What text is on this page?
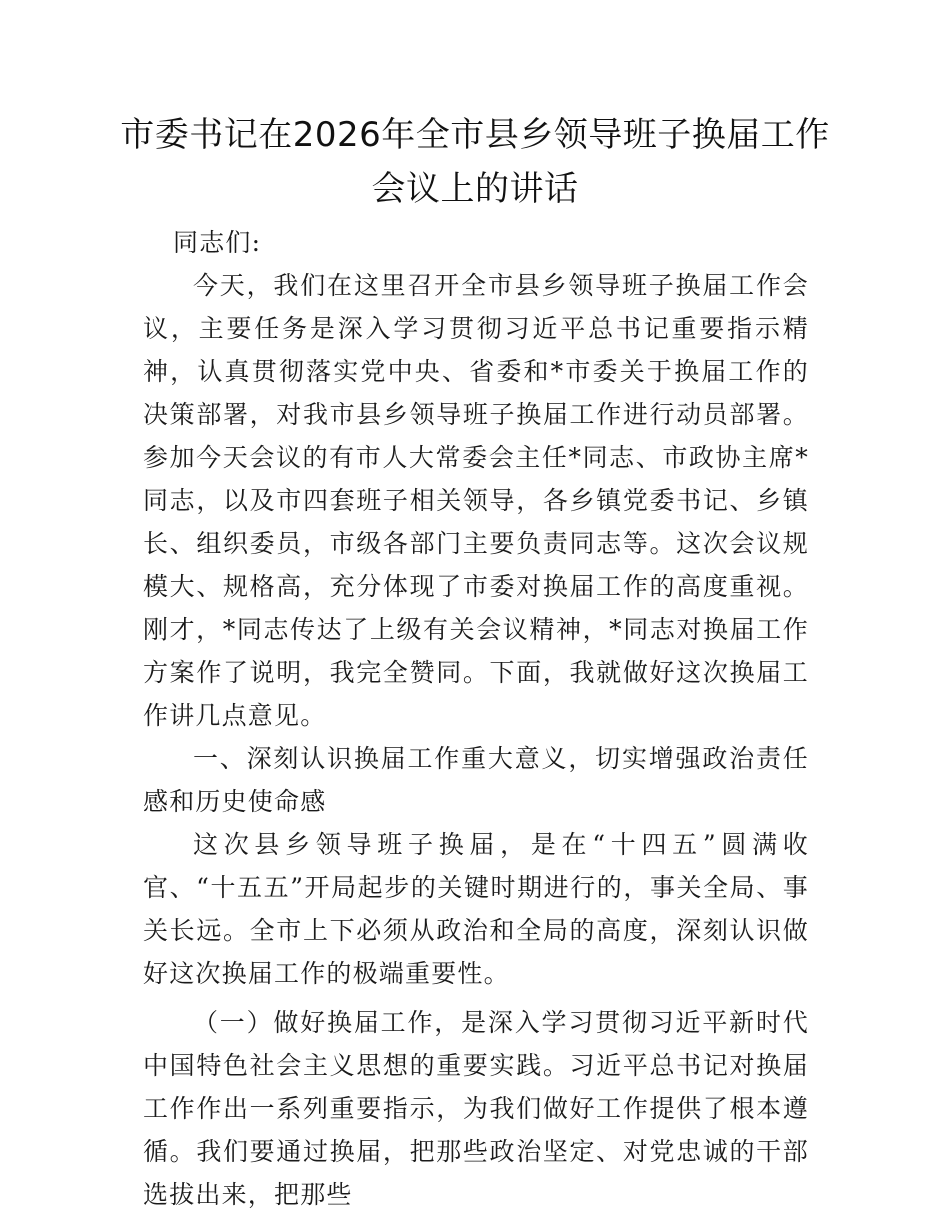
市委书记在2026年全市县乡领导班子换届工作会议上的讲话

同志们:

今天，我们在这里召开全市县乡领导班子换届工作会议，主要任务是深入学习贯彻习近平总书记重要指示精神，认真贯彻落实党中央、省委和*市委关于换届工作的决策部署，对我市县乡领导班子换届工作进行动员部署。参加今天会议的有市人大常委会主任*同志、市政协主席*同志，以及市四套班子相关领导，各乡镇党委书记、乡镇长、组织委员，市级各部门主要负责同志等。这次会议规模大、规格高，充分体现了市委对换届工作的高度重视。刚才，*同志传达了上级有关会议精神，*同志对换届工作方案作了说明，我完全赞同。下面，我就做好这次换届工作讲几点意见。

一、深刻认识换届工作重大意义，切实增强政治责任感和历史使命感

这次县乡领导班子换届，是在“十四五”圆满收官、“十五五”开局起步的关键时期进行的，事关全局、事关长远。全市上下必须从政治和全局的高度，深刻认识做好这次换届工作的极端重要性。

（一）做好换届工作，是深入学习贯彻习近平新时代中国特色社会主义思想的重要实践。习近平总书记对换届工作作出一系列重要指示，为我们做好工作提供了根本遵循。我们要通过换届，把那些政治坚定、对党忠诚的干部选拔出来，把那些
